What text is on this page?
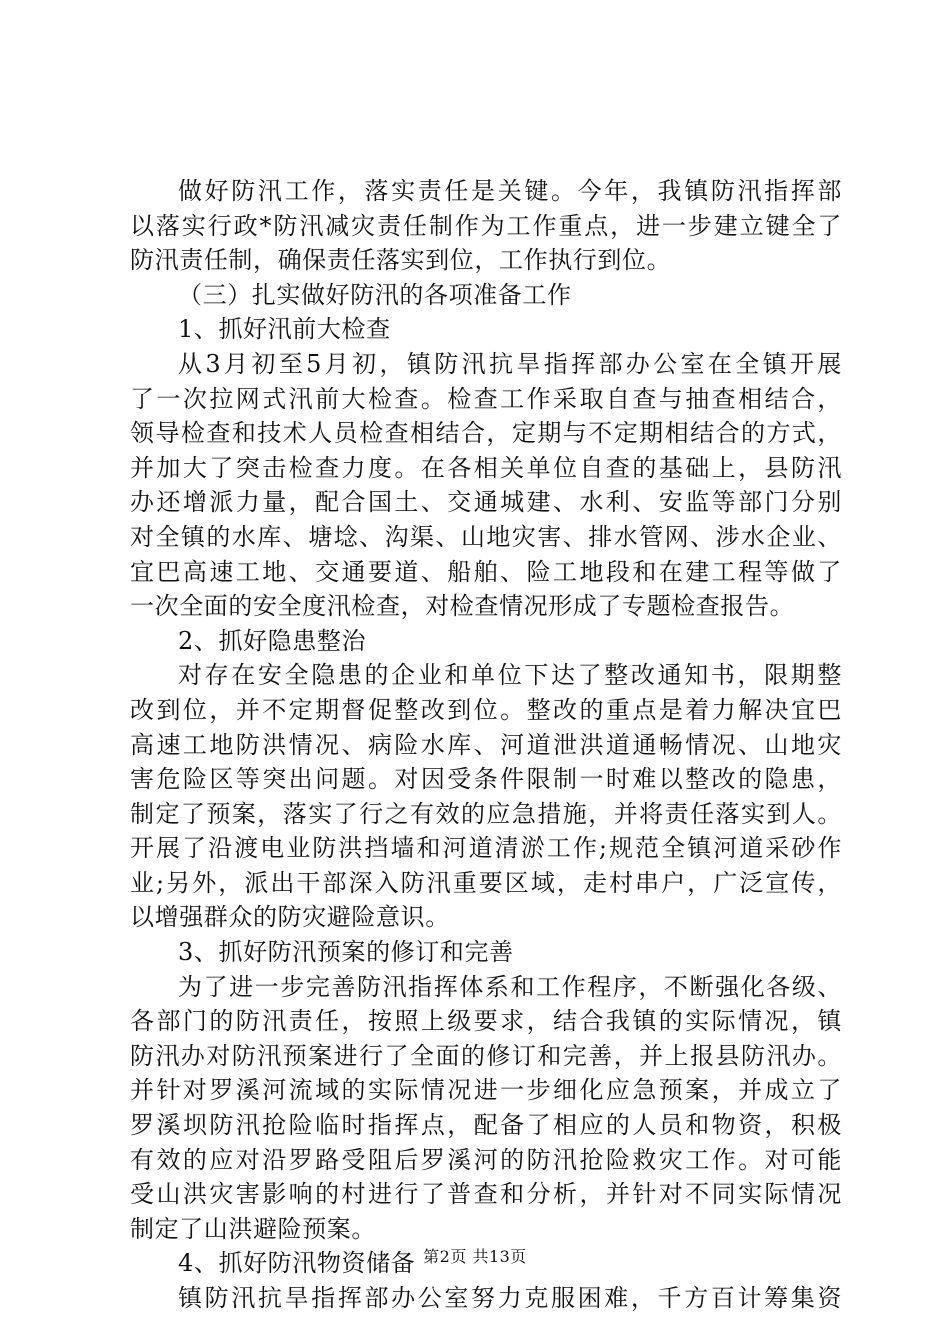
做好防汛工作，落实责任是关键。今年，我镇防汛指挥部
以落实行政*防汛减灾责任制作为工作重点，进一步建立键全了
防汛责任制，确保责任落实到位，工作执行到位。
（三）扎实做好防汛的各项准备工作
1、抓好汛前大检查
从3月初至5月初，镇防汛抗旱指挥部办公室在全镇开展
了一次拉网式汛前大检查。检查工作采取自查与抽查相结合，
领导检查和技术人员检查相结合，定期与不定期相结合的方式，
并加大了突击检查力度。在各相关单位自查的基础上，县防汛
办还增派力量，配合国土、交通城建、水利、安监等部门分别
对全镇的水库、塘埝、沟渠、山地灾害、排水管网、涉水企业、
宜巴高速工地、交通要道、船舶、险工地段和在建工程等做了
一次全面的安全度汛检查，对检查情况形成了专题检查报告。
2、抓好隐患整治
对存在安全隐患的企业和单位下达了整改通知书，限期整
改到位，并不定期督促整改到位。整改的重点是着力解决宜巴
高速工地防洪情况、病险水库、河道泄洪道通畅情况、山地灾
害危险区等突出问题。对因受条件限制一时难以整改的隐患，
制定了预案，落实了行之有效的应急措施，并将责任落实到人。
开展了沿渡电业防洪挡墙和河道清淤工作;规范全镇河道采砂作
业;另外，派出干部深入防汛重要区域，走村串户，广泛宣传，
以增强群众的防灾避险意识。
3、抓好防汛预案的修订和完善
为了进一步完善防汛指挥体系和工作程序，不断强化各级、
各部门的防汛责任，按照上级要求，结合我镇的实际情况，镇
防汛办对防汛预案进行了全面的修订和完善，并上报县防汛办。
并针对罗溪河流域的实际情况进一步细化应急预案，并成立了
罗溪坝防汛抢险临时指挥点，配备了相应的人员和物资，积极
有效的应对沿罗路受阻后罗溪河的防汛抢险救灾工作。对可能
受山洪灾害影响的村进行了普查和分析，并针对不同实际情况
制定了山洪避险预案。
4、抓好防汛物资储备
镇防汛抗旱指挥部办公室努力克服困难，千方百计筹集资
第2页 共13页
